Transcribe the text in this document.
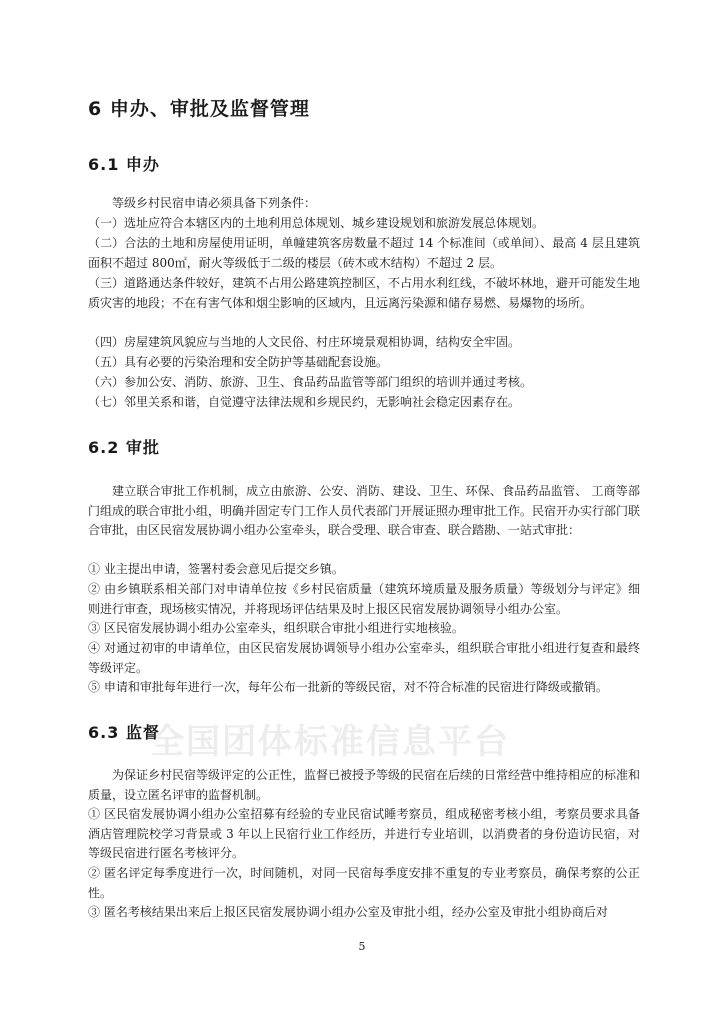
全国团体标准信息平台
6 申办、审批及监督管理
6.1 申办

等级乡村民宿申请必须具备下列条件：

（一）选址应符合本辖区内的土地利用总体规划、城乡建设规划和旅游发展总体规划。

（二）合法的土地和房屋使用证明，单幢建筑客房数量不超过 14 个标准间（或单间）、最高 4 层且建筑面积不超过 800㎡，耐火等级低于二级的楼层（砖木或木结构）不超过 2 层。

（三）道路通达条件较好，建筑不占用公路建筑控制区，不占用水利红线，不破坏林地，避开可能发生地质灾害的地段；不在有害气体和烟尘影响的区域内，且远离污染源和储存易燃、易爆物的场所。

（四）房屋建筑风貌应与当地的人文民俗、村庄环境景观相协调，结构安全牢固。

（五）具有必要的污染治理和安全防护等基础配套设施。

（六）参加公安、消防、旅游、卫生、食品药品监管等部门组织的培训并通过考核。

（七）邻里关系和谐，自觉遵守法律法规和乡规民约，无影响社会稳定因素存在。

6.2 审批

建立联合审批工作机制，成立由旅游、公安、消防、建设、卫生、环保、食品药品监管、 工商等部门组成的联合审批小组，明确并固定专门工作人员代表部门开展证照办理审批工作。民宿开办实行部门联合审批，由区民宿发展协调小组办公室牵头，联合受理、联合审查、联合踏勘、一站式审批：

① 业主提出申请，签署村委会意见后提交乡镇。

② 由乡镇联系相关部门对申请单位按《乡村民宿质量（建筑环境质量及服务质量）等级划分与评定》细则进行审查，现场核实情况，并将现场评估结果及时上报区民宿发展协调领导小组办公室。

③ 区民宿发展协调小组办公室牵头，组织联合审批小组进行实地核验。

④ 对通过初审的申请单位，由区民宿发展协调领导小组办公室牵头，组织联合审批小组进行复查和最终等级评定。

⑤ 申请和审批每年进行一次，每年公布一批新的等级民宿，对不符合标准的民宿进行降级或撤销。

6.3 监督

为保证乡村民宿等级评定的公正性，监督已被授予等级的民宿在后续的日常经营中维持相应的标准和质量，设立匿名评审的监督机制。

① 区民宿发展协调小组办公室招募有经验的专业民宿试睡考察员，组成秘密考核小组，考察员要求具备酒店管理院校学习背景或 3 年以上民宿行业工作经历，并进行专业培训，以消费者的身份造访民宿，对等级民宿进行匿名考核评分。

② 匿名评定每季度进行一次，时间随机，对同一民宿每季度安排不重复的专业考察员，确保考察的公正性。

③ 匿名考核结果出来后上报区民宿发展协调小组办公室及审批小组，经办公室及审批小组协商后对

5
